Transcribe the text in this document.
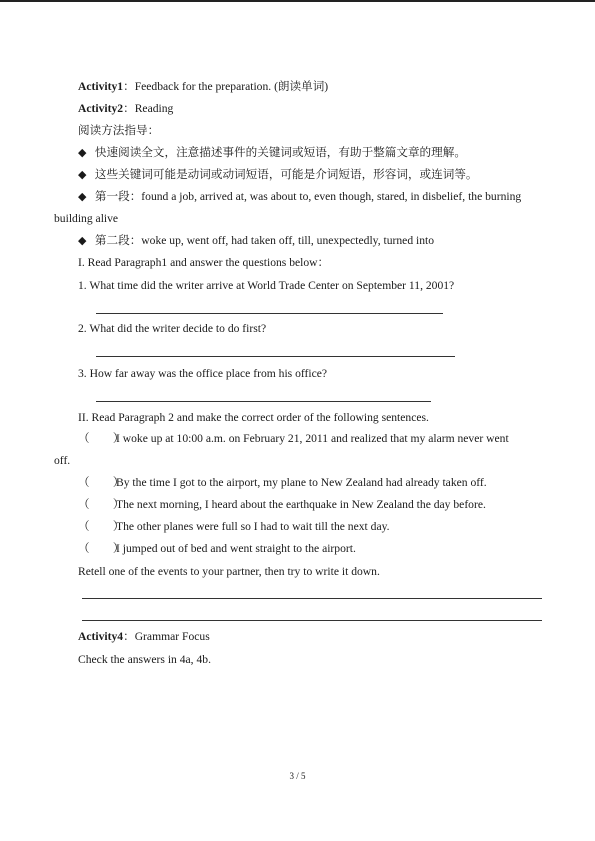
Activity1：Feedback for the preparation. (朗读单词)
Activity2：Reading
阅读方法指导：
◆ 快速阅读全文，注意描述事件的关键词或短语，有助于整篇文章的理解。
◆ 这些关键词可能是动词或动词短语，可能是介词短语，形容词，或连词等。
◆ 第一段：found a job, arrived at, was about to, even though, stared, in disbelief, the burning
building alive
◆ 第二段：woke up, went off, had taken off, till, unexpectedly, turned into
I. Read Paragraph1 and answer the questions below：
1. What time did the writer arrive at World Trade Center on September 11, 2001?
2. What did the writer decide to do first?
3. How far away was the office place from his office?
II. Read Paragraph 2 and make the correct order of the following sentences.
（　　）I woke up at 10:00 a.m. on February 21, 2011 and realized that my alarm never went
off.
（　　）By the time I got to the airport, my plane to New Zealand had already taken off.
（　　）The next morning, I heard about the earthquake in New Zealand the day before.
（　　）The other planes were full so I had to wait till the next day.
（　　）I jumped out of bed and went straight to the airport.
Retell one of the events to your partner, then try to write it down.
Activity4：Grammar Focus
Check the answers in 4a, 4b.
3 / 5
